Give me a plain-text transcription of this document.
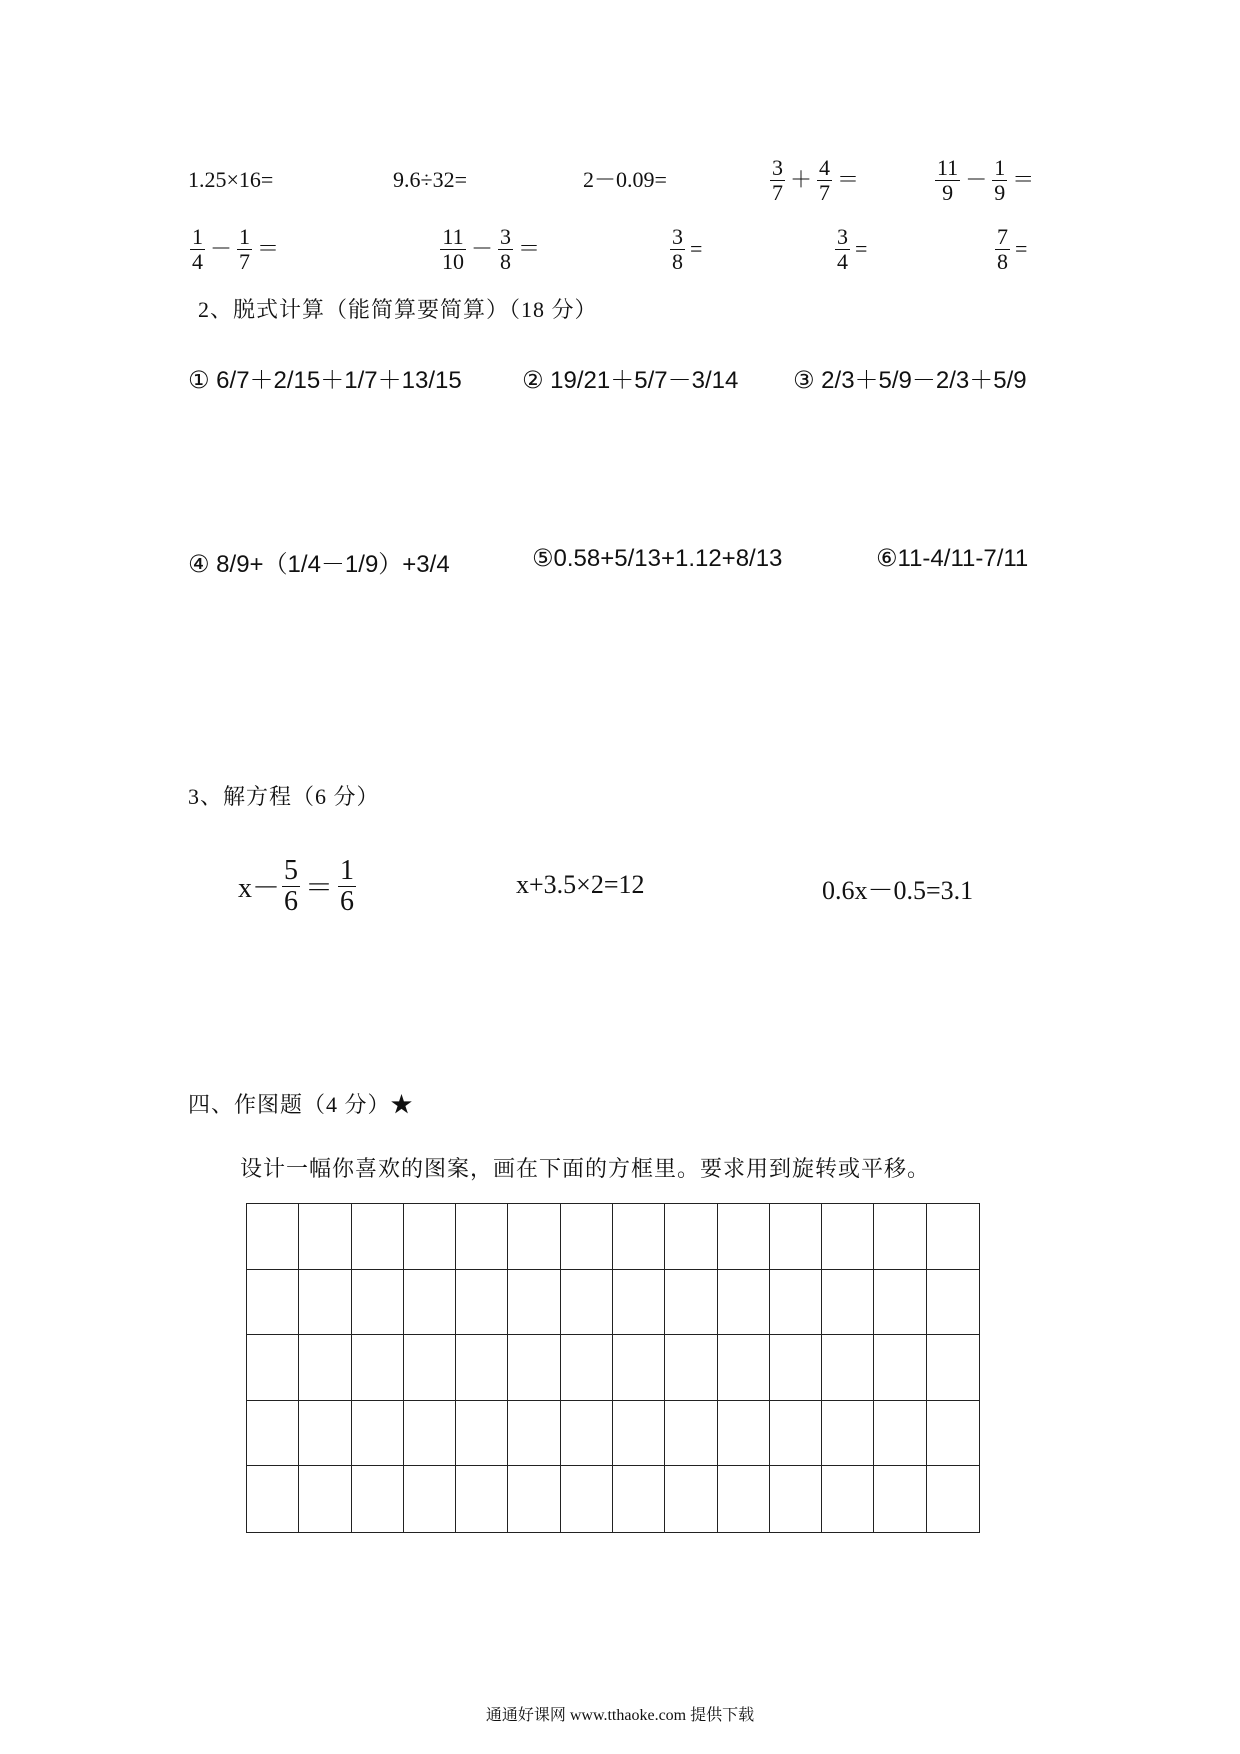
1.25×16=	9.6÷32=	2－0.09=	$\frac{3}{7} + \frac{4}{7}$ ＝	$\frac{11}{9} - \frac{1}{9}$ ＝
$\frac{1}{4} - \frac{1}{7}$ ＝	$\frac{11}{10} - \frac{3}{8}$ ＝	$\frac{3}{8}$ =	$\frac{3}{4}$ =	$\frac{7}{8}$ =
2、脱式计算（能简算要简算）（18 分）
① 6/7＋2/15＋1/7＋13/15	② 19/21＋5/7－3/14 ③ 2/3＋5/9－2/3＋5/9
④ 8/9+（1/4－1/9）+3/4	⑤0.58+5/13+1.12+8/13	⑥11-4/11-7/11
3、解方程（6 分）
$x- \frac{5}{6} = \frac{1}{6}$	x+3.5×2=12	0.6x－0.5=3.1
四、作图题（4 分）★
设计一幅你喜欢的图案，画在下面的方框里。要求用到旋转或平移。
通通好课网 www.tthaoke.com 提供下载
